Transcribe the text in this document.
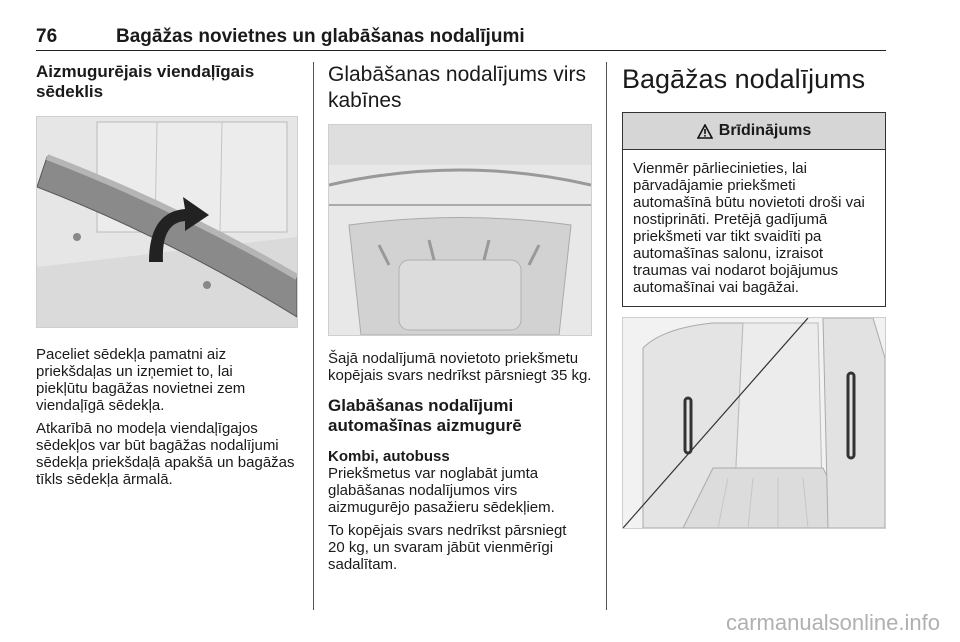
76	Bagāžas novietnes un glabāšanas nodalījumi
Aizmugurējais viendaļīgais sēdeklis

Paceliet sēdekļa pamatni aiz priekšdaļas un izņemiet to, lai piekļūtu bagāžas novietnei zem viendaļīgā sēdekļa.

Atkarībā no modeļa viendaļīgajos sēdekļos var būt bagāžas nodalījumi sēdekļa priekšdaļā apakšā un bagāžas tīkls sēdekļa ārmalā.

Glabāšanas nodalījums virs kabīnes

Šajā nodalījumā novietoto priekšmetu kopējais svars nedrīkst pārsniegt 35 kg.

Glabāšanas nodalījumi automašīnas aizmugurē

Kombi, autobuss

Priekšmetus var noglabāt jumta glabāšanas nodalījumos virs aizmugurējo pasažieru sēdekļiem.

To kopējais svars nedrīkst pārsniegt 20 kg, un svaram jābūt vienmērīgi sadalītam.

Bagāžas nodalījums
Brīdinājums

Vienmēr pārliecinieties, lai pārvadājamie priekšmeti automašīnā būtu novietoti droši vai nostiprināti. Pretējā gadījumā priekšmeti var tikt svaidīti pa automašīnas salonu, izraisot traumas vai nodarot bojājumus automašīnai vai bagāžai.

carmanualsonline.info
